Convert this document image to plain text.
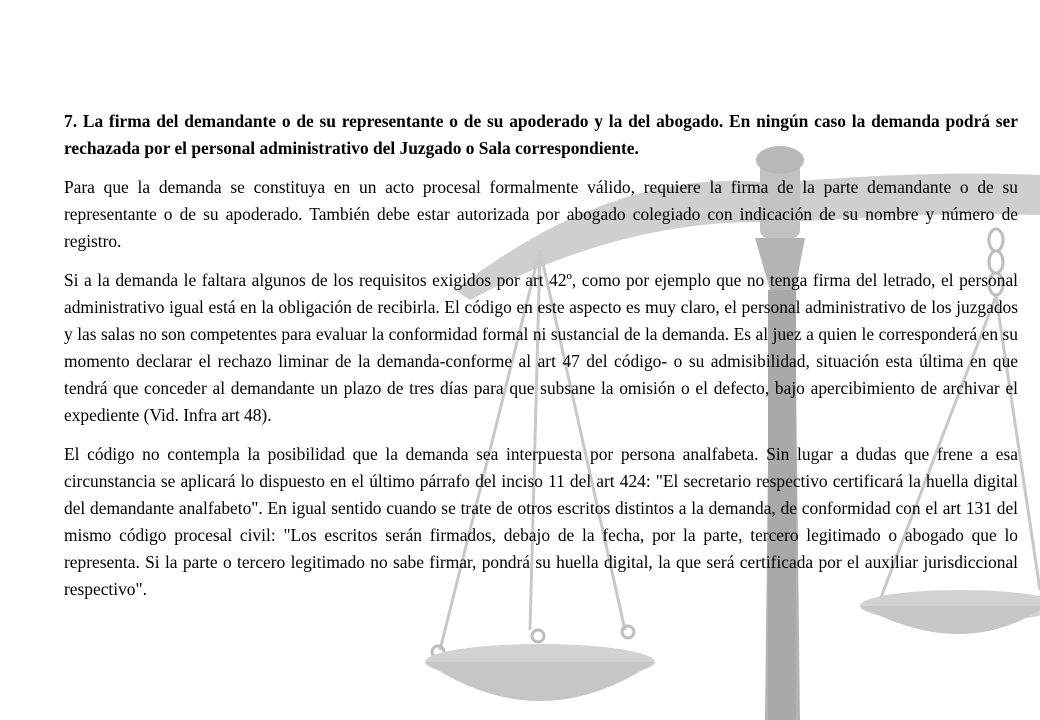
7. La firma del demandante o de su representante o de su apoderado y la del abogado. En ningún caso la demanda podrá ser rechazada por el personal administrativo del Juzgado o Sala correspondiente.

Para que la demanda se constituya en un acto procesal formalmente válido, requiere la firma de la parte demandante o de su representante o de su apoderado. También debe estar autorizada por abogado colegiado con indicación de su nombre y número de registro.

Si a la demanda le faltara algunos de los requisitos exigidos por art 42º, como por ejemplo que no tenga firma del letrado, el personal administrativo igual está en la obligación de recibirla. El código en este aspecto es muy claro, el personal administrativo de los juzgados y las salas no son competentes para evaluar la conformidad formal ni sustancial de la demanda. Es al juez a quien le corresponderá en su momento declarar el rechazo liminar de la demanda-conforme al art 47 del código- o su admisibilidad, situación esta última en que tendrá que conceder al demandante un plazo de tres días para que subsane la omisión o el defecto, bajo apercibimiento de archivar el expediente (Vid. Infra art 48).

El código no contempla la posibilidad que la demanda sea interpuesta por persona analfabeta. Sin lugar a dudas que frene a esa circunstancia se aplicará lo dispuesto en el último párrafo del inciso 11 del art 424: "El secretario respectivo certificará la huella digital del demandante analfabeto". En igual sentido cuando se trate de otros escritos distintos a la demanda, de conformidad con el art 131 del mismo código procesal civil: "Los escritos serán firmados, debajo de la fecha, por la parte, tercero legitimado o abogado que lo representa. Si la parte o tercero legitimado no sabe firmar, pondrá su huella digital, la que será certificada por el auxiliar jurisdiccional respectivo".
